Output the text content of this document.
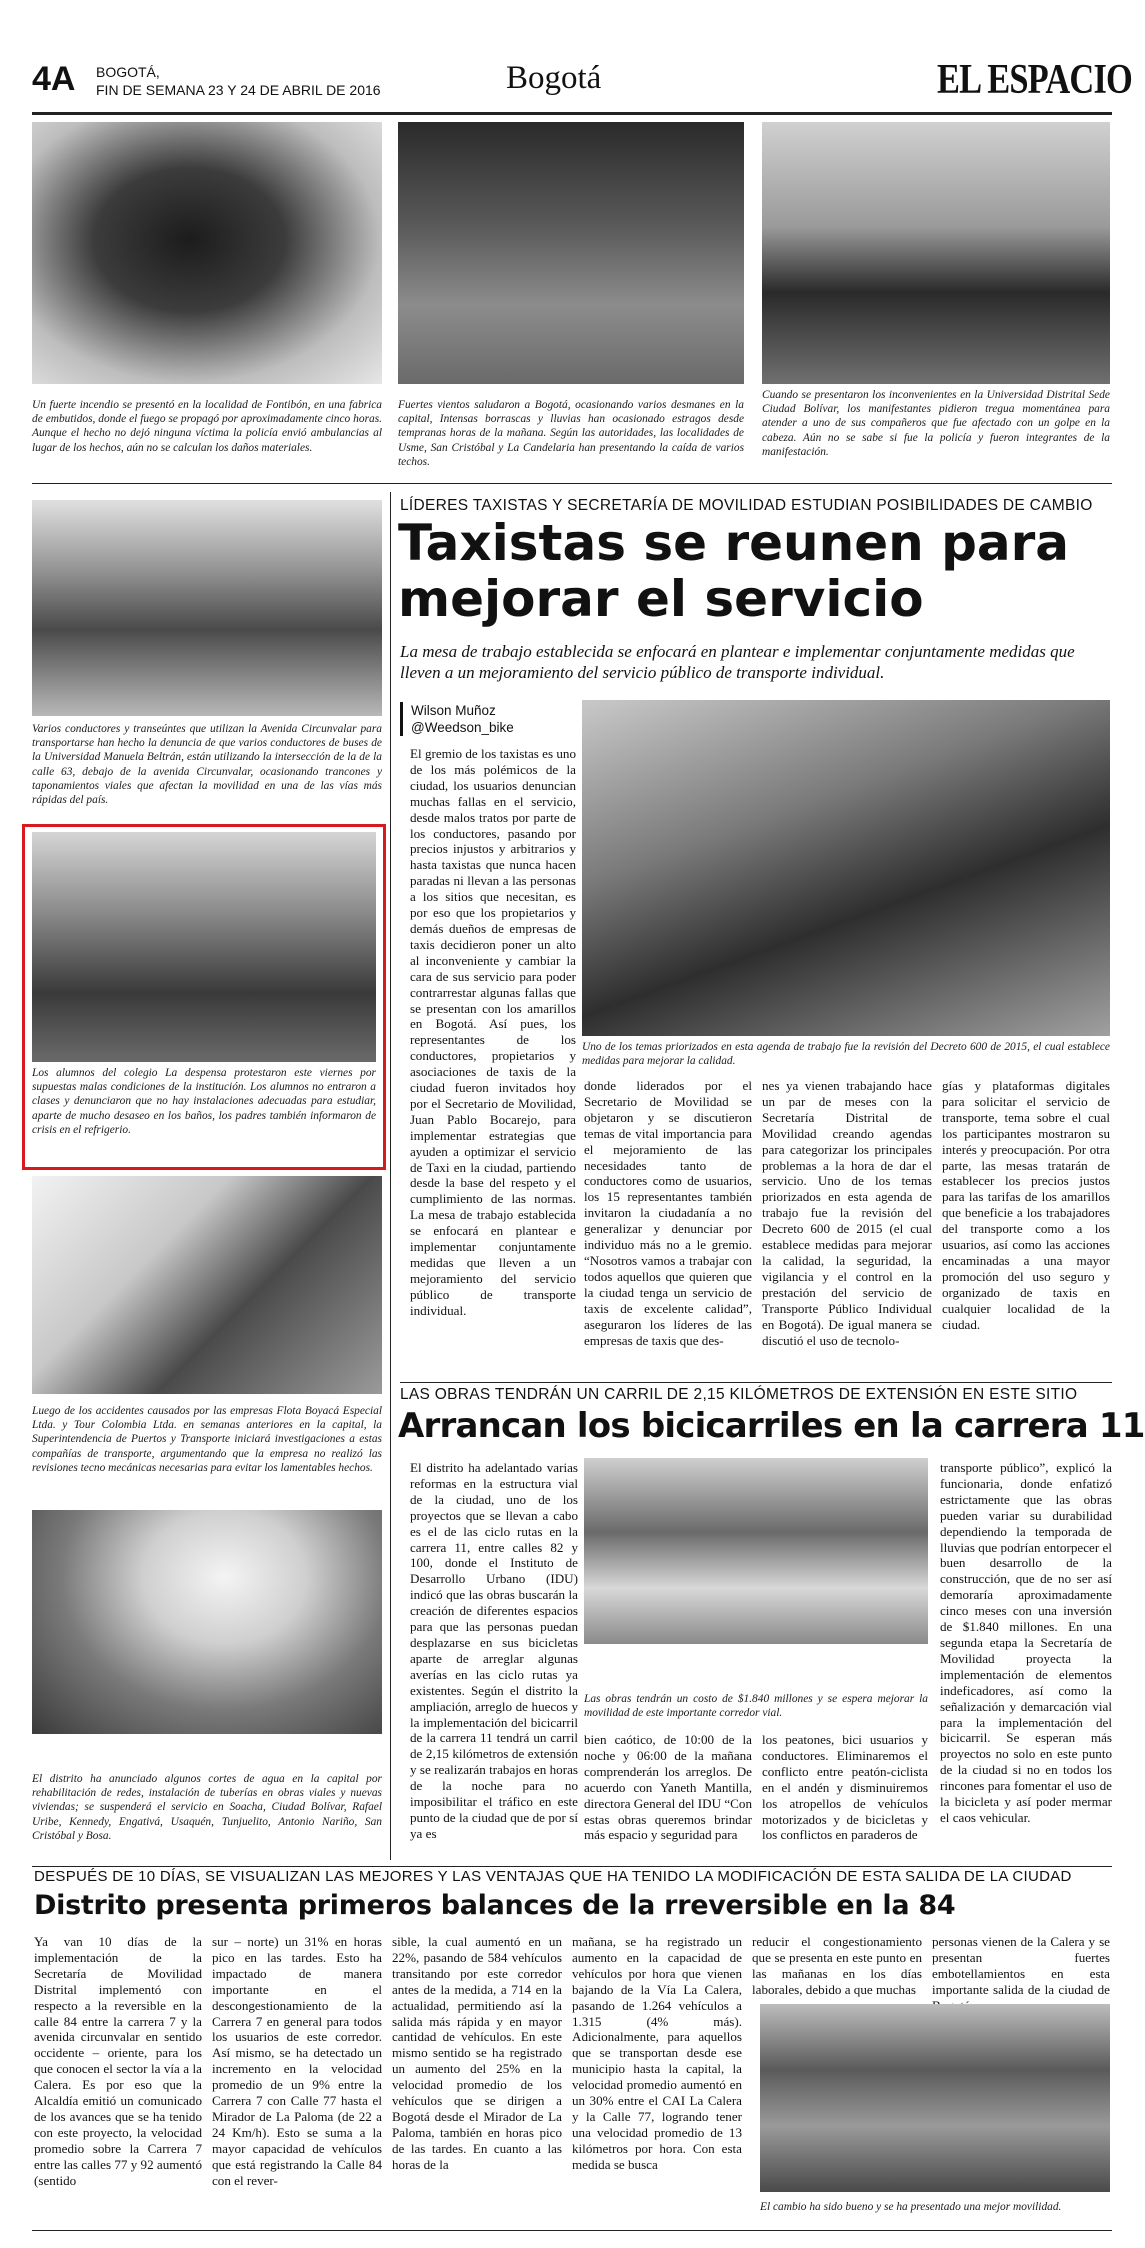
4A BOGOTÁ,
FIN DE SEMANA 23 Y 24 DE ABRIL DE 2016	Bogotá	EL ESPACIO
Un fuerte incendio se presentó en la localidad de Fontibón, en una fabrica de embutidos, donde el fuego se propagó por aproximadamente cinco horas. Aunque el hecho no dejó ninguna víctima la policía envió ambulancias al lugar de los hechos, aún no se calculan los daños materiales.
Fuertes vientos saludaron a Bogotá, ocasionando varios desmanes en la capital, Intensas borrascas y lluvias han ocasionado estragos desde tempranas horas de la mañana. Según las autoridades, las localidades de Usme, San Cristóbal y La Candelaria han presentando la caída de varios techos.
Cuando se presentaron los inconvenientes en la Universidad Distrital Sede Ciudad Bolívar, los manifestantes pidieron tregua momentánea para atender a uno de sus compañeros que fue afectado con un golpe en la cabeza. Aún no se sabe si fue la policía y fueron integrantes de la manifestación.
Varios conductores y transeúntes que utilizan la Avenida Circunvalar para transportarse han hecho la denuncia de que varios conductores de buses de la Universidad Manuela Beltrán, están utilizando la intersección de la de la calle 63, debajo de la avenida Circunvalar, ocasionando trancones y taponamientos viales que afectan la movilidad en una de las vías más rápidas del país.
Los alumnos del colegio La despensa protestaron este viernes por supuestas malas condiciones de la institución. Los alumnos no entraron a clases y denunciaron que no hay instalaciones adecuadas para estudiar, aparte de mucho desaseo en los baños, los padres también informaron de crisis en el refrigerio.
Luego de los accidentes causados por las empresas Flota Boyacá Especial Ltda. y Tour Colombia Ltda. en semanas anteriores en la capital, la Superintendencia de Puertos y Transporte iniciará investigaciones a estas compañías de transporte, argumentando que la empresa no realizó las revisiones tecno mecánicas necesarias para evitar los lamentables hechos.
El distrito ha anunciado algunos cortes de agua en la capital por rehabilitación de redes, instalación de tuberías en obras viales y nuevas viviendas; se suspenderá el servicio en Soacha, Ciudad Bolívar, Rafael Uribe, Kennedy, Engativá, Usaquén, Tunjuelito, Antonio Nariño, San Cristóbal y Bosa.
LÍDERES TAXISTAS Y SECRETARÍA DE MOVILIDAD ESTUDIAN POSIBILIDADES DE CAMBIO
Taxistas se reunen para
mejorar el servicio
La mesa de trabajo establecida se enfocará en plantear e implementar conjuntamente medidas que lleven a un mejoramiento del servicio público de transporte individual.
Wilson Muñoz
@Weedson_bike
El gremio de los taxistas es uno de los más polémicos de la ciudad, los usuarios denuncian muchas fallas en el servicio, desde malos tratos por parte de los conductores, pasando por precios injustos y arbitrarios y hasta taxistas que nunca hacen paradas ni llevan a las personas a los sitios que necesitan, es por eso que los propietarios y demás dueños de empresas de taxis decidieron poner un alto al inconveniente y cambiar la cara de sus servicio para poder contrarrestar algunas fallas que se presentan con los amarillos en Bogotá. Así pues, los representantes de los conductores, propietarios y asociaciones de taxis de la ciudad fueron invitados hoy por el Secretario de Movilidad, Juan Pablo Bocarejo, para implementar estrategias que ayuden a optimizar el servicio de Taxi en la ciudad, partiendo desde la base del respeto y el cumplimiento de las normas. La mesa de trabajo establecida se enfocará en plantear e implementar conjuntamente medidas que lleven a un mejoramiento del servicio público de transporte individual.
Uno de los temas priorizados en esta agenda de trabajo fue la revisión del Decreto 600 de 2015, el cual establece medidas para mejorar la calidad.
donde liderados por el Secretario de Movilidad se objetaron y se discutieron temas de vital importancia para el mejoramiento de las necesidades tanto de conductores como de usuarios, los 15 representantes también invitaron la ciudadanía a no generalizar y denunciar por individuo más no a le gremio. “Nosotros vamos a trabajar con todos aquellos que quieren que la ciudad tenga un servicio de taxis de excelente calidad”, aseguraron los líderes de las empresas de taxis que des-
nes ya vienen trabajando hace un par de meses con la Secretaría Distrital de Movilidad creando agendas para categorizar los principales problemas a la hora de dar el servicio. Uno de los temas priorizados en esta agenda de trabajo fue la revisión del Decreto 600 de 2015 (el cual establece medidas para mejorar la calidad, la seguridad, la vigilancia y el control en la prestación del servicio de Transporte Público Individual en Bogotá). De igual manera se discutió el uso de tecnolo-
gías y plataformas digitales para solicitar el servicio de transporte, tema sobre el cual los participantes mostraron su interés y preocupación. Por otra parte, las mesas tratarán de establecer los precios justos para las tarifas de los amarillos que beneficie a los trabajadores del transporte como a los usuarios, así como las acciones encaminadas a una mayor promoción del uso seguro y organizado de taxis en cualquier localidad de la ciudad.
LAS OBRAS TENDRÁN UN CARRIL DE 2,15 KILÓMETROS DE EXTENSIÓN EN ESTE SITIO
Arrancan los bicicarriles en la carrera 11
El distrito ha adelantado varias reformas en la estructura vial de la ciudad, uno de los proyectos que se llevan a cabo es el de las ciclo rutas en la carrera 11, entre calles 82 y 100, donde el Instituto de Desarrollo Urbano (IDU) indicó que las obras buscarán la creación de diferentes espacios para que las personas puedan desplazarse en sus bicicletas aparte de arreglar algunas averías en las ciclo rutas ya existentes. Según el distrito la ampliación, arreglo de huecos y la implementación del bicicarril de la carrera 11 tendrá un carril de 2,15 kilómetros de extensión y se realizarán trabajos en horas de la noche para no imposibilitar el tráfico en este punto de la ciudad que de por sí ya es
Las obras tendrán un costo de $1.840 millones y se espera mejorar la movilidad de este importante corredor vial.
bien caótico, de 10:00 de la noche y 06:00 de la mañana comprenderán los arreglos. De acuerdo con Yaneth Mantilla, directora General del IDU “Con estas obras queremos brindar más espacio y seguridad para
los peatones, bici usuarios y conductores. Eliminaremos el conflicto entre peatón-ciclista en el andén y disminuiremos los atropellos de vehículos motorizados y de bicicletas y los conflictos en paraderos de
transporte público”, explicó la funcionaria, donde enfatizó estrictamente que las obras pueden variar su durabilidad dependiendo la temporada de lluvias que podrían entorpecer el buen desarrollo de la construcción, que de no ser así demoraría aproximadamente cinco meses con una inversión de $1.840 millones. En una segunda etapa la Secretaría de Movilidad proyecta la implementación de elementos indeficadores, así como la señalización y demarcación vial para la implementación del bicicarril. Se esperan más proyectos no solo en este punto de la ciudad si no en todos los rincones para fomentar el uso de la bicicleta y así poder mermar el caos vehicular.
DESPUÉS DE 10 DÍAS, SE VISUALIZAN LAS MEJORES Y LAS VENTAJAS QUE HA TENIDO LA MODIFICACIÓN DE ESTA SALIDA DE LA CIUDAD
Distrito presenta primeros balances de la rreversible en la 84
Ya van 10 días de la implementación de la Secretaría de Movilidad Distrital implementó con respecto a la reversible en la calle 84 entre la carrera 7 y la avenida circunvalar en sentido occidente – oriente, para los que conocen el sector la vía a la Calera. Es por eso que la Alcaldía emitió un comunicado de los avances que se ha tenido con este proyecto, la velocidad promedio sobre la Carrera 7 entre las calles 77 y 92 aumentó (sentido
sur – norte) un 31% en horas pico en las tardes. Esto ha impactado de manera importante en el descongestionamiento de la Carrera 7 en general para todos los usuarios de este corredor. Así mismo, se ha detectado un incremento en la velocidad promedio de un 9% entre la Carrera 7 con Calle 77 hasta el Mirador de La Paloma (de 22 a 24 Km/h). Esto se suma a la mayor capacidad de vehículos que está registrando la Calle 84 con el rever-
sible, la cual aumentó en un 22%, pasando de 584 vehículos transitando por este corredor antes de la medida, a 714 en la actualidad, permitiendo así la salida más rápida y en mayor cantidad de vehículos. En este mismo sentido se ha registrado un aumento del 25% en la velocidad promedio de los vehículos que se dirigen a Bogotá desde el Mirador de La Paloma, también en horas pico de las tardes. En cuanto a las horas de la
mañana, se ha registrado un aumento en la capacidad de vehículos por hora que vienen bajando de la Vía La Calera, pasando de 1.264 vehículos a 1.315 (4% más). Adicionalmente, para aquellos que se transportan desde ese municipio hasta la capital, la velocidad promedio aumentó en un 30% entre el CAI La Calera y la Calle 77, logrando tener una velocidad promedio de 13 kilómetros por hora. Con esta medida se busca
reducir el congestionamiento que se presenta en este punto en las mañanas en los días laborales, debido a que muchas
personas vienen de la Calera y se presentan fuertes embotellamientos en esta importante salida de la ciudad de
El cambio ha sido bueno y se ha presentado una mejor movilidad.
